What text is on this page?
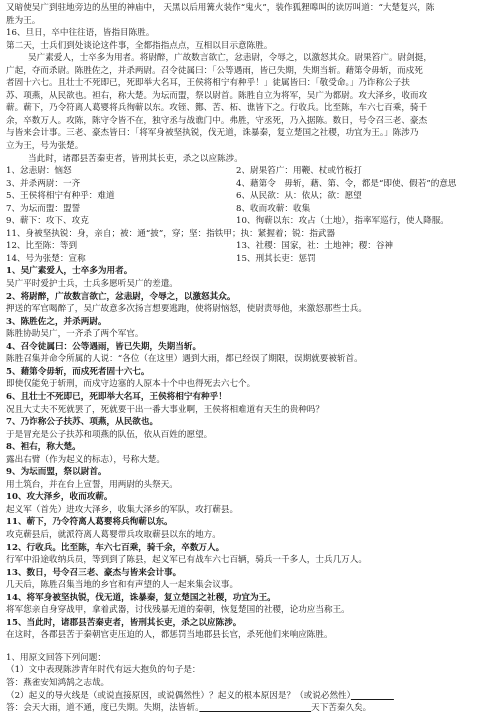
又暗使吴广到驻地旁边的丛里的神庙中， 天黑以后用篝火装作“鬼火”，装作狐狸嗥叫的读厉叫道：“大楚复兴，陈
胜为王。
16、旦日，卒中往往语，皆指目陈胜。
第二天，士兵们到处谈论这件事，全都指指点点，互相以目示意陈胜。
吴广素爱人，士卒多为用者。将尉醉，广故数言欲亡，忿恚尉，令辱之，以激怒其众。尉果笞广。尉剑挺，
广起，夺而杀尉。陈胜佐之，并杀两尉。召令徒属曰：「公等遇雨，皆已失期，失期当斩。藉第令毋斩，而戍死
者固十六七。且壮士不死即已，死即举大名耳，王侯将相宁有种乎！」徒属皆曰：「敬受命。」乃诈称公子扶
苏、项燕，从民欲也。袒右，称大楚。为坛而盟，祭以尉首。陈胜自立为将军，吴广为都尉。攻大泽乡，收而攻
蕲。蕲下，乃令符离人葛婴将兵徇蕲以东。攻铚、酂、苦、柘、谯皆下之。行收兵。比至陈，车六七百乘，骑千
余，卒数万人。攻陈，陈守令皆不在，独守丞与战谯门中。弗胜，守丞死，乃入据陈。数日，号令召三老、豪杰
与皆来会计事。三老、豪杰皆曰：「将军身被坚执锐，伐无道，诛暴秦，复立楚国之社稷，功宜为王。」陈涉乃
立为王，号为张楚。
当此时，诸郡县苦秦吏者，皆刑其长吏，杀之以应陈涉。
1、忿恚尉：恼怒	2、尉果笞广：用鞭、杖或竹板打
3、并杀两尉：一齐	4、藉第令　毋斩，藉、第、令，都是“即使、假若”的意思
5、王侯将相宁有种乎：难道	6、从民欲：从：依从；欲：愿望
7、为坛而盟：盟誓	8、收而攻蕲：收集
9、蕲下：攻下、攻克	10、徇蕲以东：攻占（土地），指率军巡行，使人降服。
11、身被坚执锐：身，亲自；被：通“披”，穿；坚：指铁甲；执：紧握着；锐：指武器
12、比至陈：等到	13、社稷：国家，社：土地神；稷：谷神
14、号为张楚：宣称	15、刑其长吏：惩罚
1、吴广素爱人，士卒多为用者。
吴广平时爱护士兵，士兵多愿听吴广的差遣。
2、将尉醉，广故数言欲亡，忿恚尉，令辱之，以激怒其众。
押送的军官喝醉了，吴广故意多次扬言想要逃跑，使将尉恼怒，使尉责辱他，来激怒那些士兵。
3、陈胜佐之，并杀两尉。
陈胜协助吴广，一齐杀了两个军官。
4、召令徒属曰：公等遇雨，皆已失期，失期当斩。
陈胜召集并命令所属的人说：“各位（在这里）遇到大雨，都已经误了期限，误期就要被斩首。
5、藉第令毋斩，而戍死者固十六七。
即使仅能免于斩刑，而戍守边塞的人原本十个中也得死去六七个。
6、且壮士不死即已，死即举大名耳，王侯将相宁有种乎！
况且大丈夫不死就罢了，死就要干出一番大事业啊，王侯将相难道有天生的贵种吗？
7、乃诈称公子扶苏、项燕，从民欲也。
于是冒充是公子扶苏和项燕的队伍，依从百姓的愿望。
8、袒右，称大楚。
露出右臂（作为起义的标志），号称大楚。
9、为坛而盟，祭以尉首。
用土筑台，并在台上宣誓，用两尉的头祭天。
10、攻大泽乡，收而攻蕲。
起义军（首先）进攻大泽乡，收集大泽乡的军队，攻打蕲县。
11、蕲下，乃令符离人葛婴将兵徇蕲以东。
攻克蕲县后，就派符离人葛婴带兵攻取蕲县以东的地方。
12、行收兵。比至陈，车六七百乘，骑千余，卒数万人。
行军中沿途收纳兵员，等到到了陈县，起义军已有战车六七百辆，骑兵一千多人，士兵几万人。
13、数日，号令召三老、豪杰与皆来会计事。
几天后，陈胜召集当地的乡官和有声望的人一起来集会议事。
14、将军身被坚执锐，伐无道，诛暴秦，复立楚国之社稷，功宜为王。
将军您亲自身穿战甲，拿着武器，讨伐残暴无道的秦朝，恢复楚国的社稷，论功应当称王。
15、当此时，诸郡县苦秦吏者，皆刑其长吏，杀之以应陈涉。
在这时，各郡县苦于秦朝官吏压迫的人，都惩罚当地郡县长官，杀死他们来响应陈胜。
1、用原文回答下列问题：
（1）文中表现陈涉青年时代有远大抱负的句子是：
答：燕雀安知鸿鹄之志哉。
（2）起义的导火线是（或说直接原因，或说偶然性）？起义的根本原因是？（或说必然性）　　　　　
答：会天大雨，道不通，度已失期。失期，法皆斩。　　　　　　　　　　　　　	天下苦秦久矣。
